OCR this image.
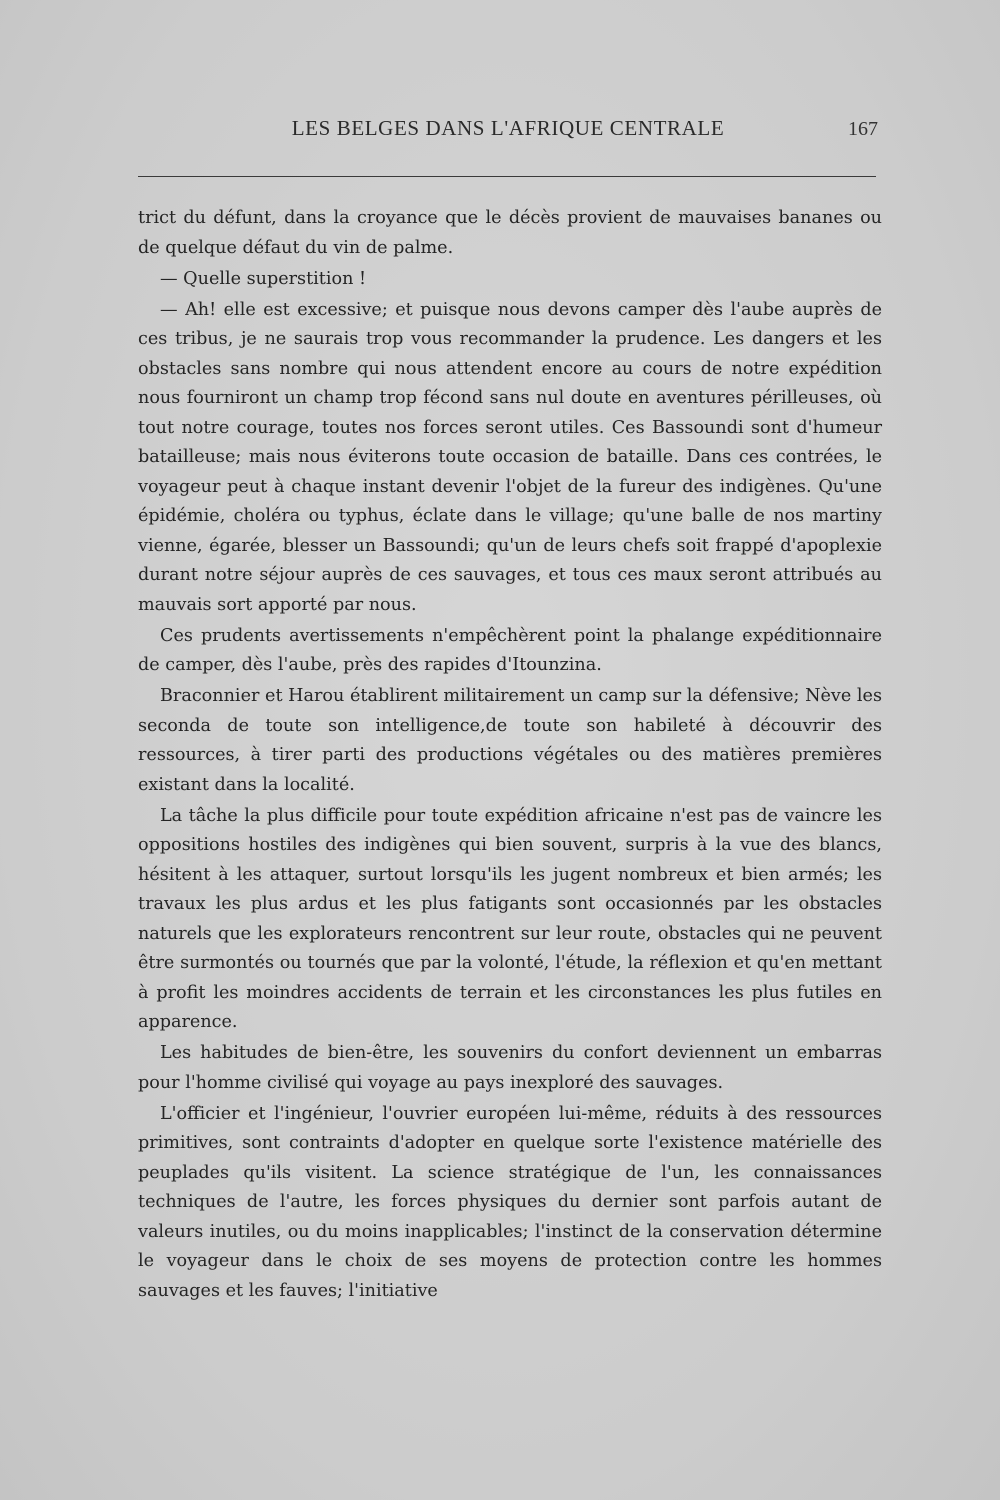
LES BELGES DANS L'AFRIQUE CENTRALE	167

trict du défunt, dans la croyance que le décès provient de mauvaises bananes ou de quelque défaut du vin de palme.

— Quelle superstition !

— Ah! elle est excessive; et puisque nous devons camper dès l'aube auprès de ces tribus, je ne saurais trop vous recommander la prudence. Les dangers et les obstacles sans nombre qui nous attendent encore au cours de notre expédition nous fourniront un champ trop fécond sans nul doute en aventures périlleuses, où tout notre courage, toutes nos forces seront utiles. Ces Bassoundi sont d'humeur batailleuse; mais nous éviterons toute occasion de bataille. Dans ces contrées, le voyageur peut à chaque instant devenir l'objet de la fureur des indigènes. Qu'une épidémie, choléra ou typhus, éclate dans le village; qu'une balle de nos martiny vienne, égarée, blesser un Bassoundi; qu'un de leurs chefs soit frappé d'apoplexie durant notre séjour auprès de ces sauvages, et tous ces maux seront attribués au mauvais sort apporté par nous.

Ces prudents avertissements n'empêchèrent point la phalange expéditionnaire de camper, dès l'aube, près des rapides d'Itounzina.

Braconnier et Harou établirent militairement un camp sur la défensive; Nève les seconda de toute son intelligence,de toute son habileté à découvrir des ressources, à tirer parti des productions végétales ou des matières premières existant dans la localité.

La tâche la plus difficile pour toute expédition africaine n'est pas de vaincre les oppositions hostiles des indigènes qui bien souvent, surpris à la vue des blancs, hésitent à les attaquer, surtout lorsqu'ils les jugent nombreux et bien armés; les travaux les plus ardus et les plus fatigants sont occasionnés par les obstacles naturels que les explorateurs rencontrent sur leur route, obstacles qui ne peuvent être surmontés ou tournés que par la volonté, l'étude, la réflexion et qu'en mettant à profit les moindres accidents de terrain et les circonstances les plus futiles en apparence.

Les habitudes de bien-être, les souvenirs du confort deviennent un embarras pour l'homme civilisé qui voyage au pays inexploré des sauvages.

L'officier et l'ingénieur, l'ouvrier européen lui-même, réduits à des ressources primitives, sont contraints d'adopter en quelque sorte l'existence matérielle des peuplades qu'ils visitent. La science stratégique de l'un, les connaissances techniques de l'autre, les forces physiques du dernier sont parfois autant de valeurs inutiles, ou du moins inapplicables; l'instinct de la conservation détermine le voyageur dans le choix de ses moyens de protection contre les hommes sauvages et les fauves; l'initiative
